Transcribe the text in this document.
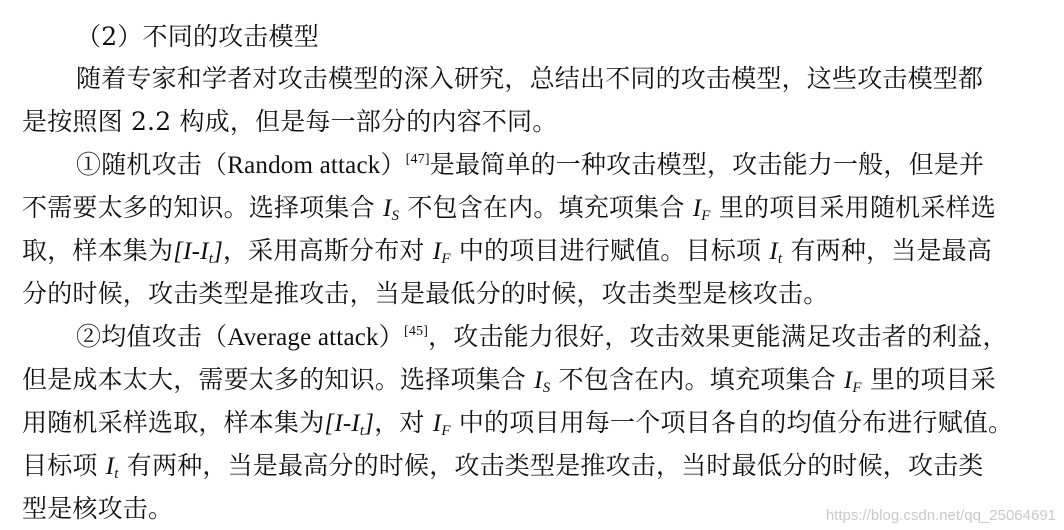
（2）不同的攻击模型
随着专家和学者对攻击模型的深入研究，总结出不同的攻击模型，这些攻击模型都
是按照图 2.2 构成，但是每一部分的内容不同。
①随机攻击（Random attack）[47]是最简单的一种攻击模型，攻击能力一般，但是并
不需要太多的知识。选择项集合 $I_S$ 不包含在内。填充项集合 $I_F$ 里的项目采用随机采样选
取，样本集为$[I-I_t]$，采用高斯分布对 $I_F$ 中的项目进行赋值。目标项 $I_t$ 有两种，当是最高
分的时候，攻击类型是推攻击，当是最低分的时候，攻击类型是核攻击。
②均值攻击（Average attack）[45]，攻击能力很好，攻击效果更能满足攻击者的利益，
但是成本太大，需要太多的知识。选择项集合 $I_S$ 不包含在内。填充项集合 $I_F$ 里的项目采
用随机采样选取，样本集为$[I-I_t]$，对 $I_F$ 中的项目用每一个项目各自的均值分布进行赋值。
目标项 $I_t$ 有两种，当是最高分的时候，攻击类型是推攻击，当时最低分的时候，攻击类
型是核攻击。	https://blog.csdn.net/qq_25064691
